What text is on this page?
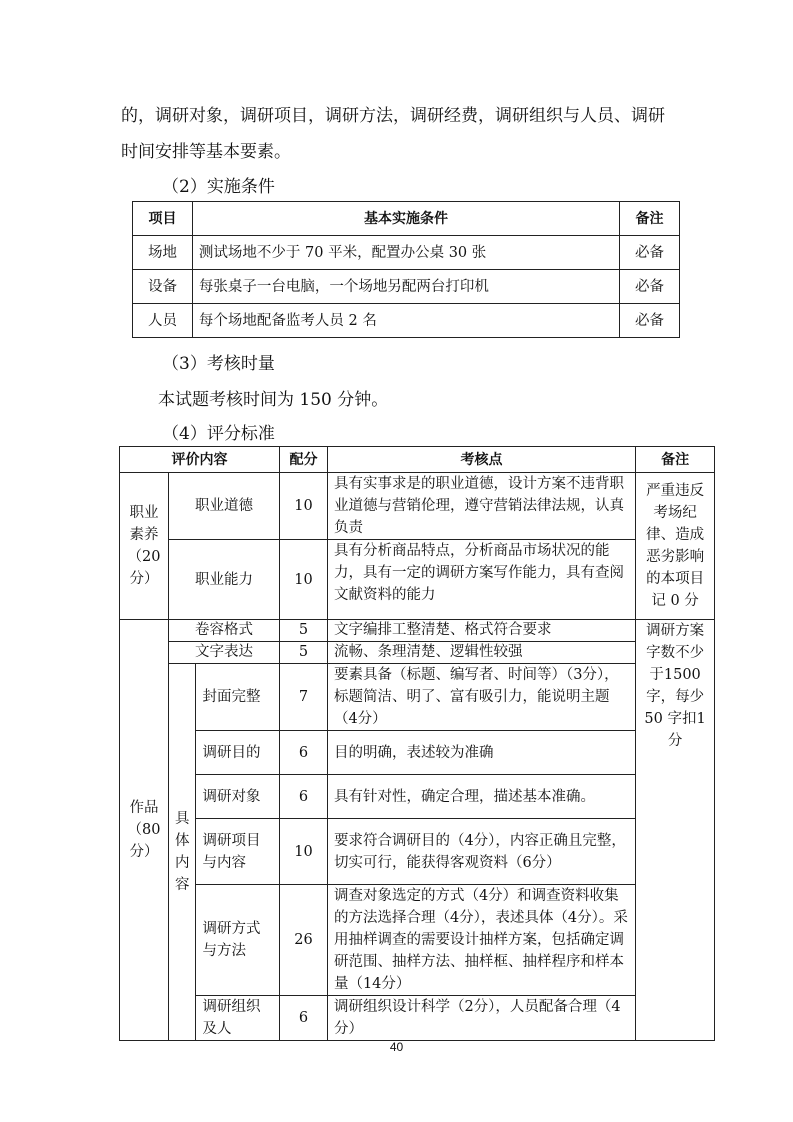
的，调研对象，调研项目，调研方法，调研经费，调研组织与人员、调研时间安排等基本要素。
（2）实施条件
项目	基本实施条件	备注
场地	测试场地不少于 70 平米，配置办公桌 30 张	必备
设备	每张桌子一台电脑，一个场地另配两台打印机	必备
人员	每个场地配备监考人员 2 名	必备
（3）考核时量
本试题考核时间为 150 分钟。
（4）评分标准
评价内容			配分	考核点	备注
职业素养（20分）	职业道德		10	具有实事求是的职业道德，设计方案不违背职业道德与营销伦理，遵守营销法律法规，认真负责	严重违反考场纪律、造成恶劣影响的本项目记 0 分
	职业能力		10	具有分析商品特点，分析商品市场状况的能力，具有一定的调研方案写作能力，具有查阅文献资料的能力	
作品（80分）	卷容格式		5	文字编排工整清楚、格式符合要求	调研方案字数不少于1500字，每少 50 字扣1分
	文字表达		5	流畅、条理清楚、逻辑性较强	
	具体内容	封面完整	7	要素具备（标题、编写者、时间等）（3分），标题简洁、明了、富有吸引力，能说明主题（4分）	
		调研目的	6	目的明确，表述较为准确	
		调研对象	6	具有针对性，确定合理，描述基本准确。	
		调研项目与内容	10	要求符合调研目的（4分），内容正确且完整，切实可行，能获得客观资料（6分）	
		调研方式与方法	26	调查对象选定的方式（4分）和调查资料收集的方法选择合理（4分），表述具体（4分）。采用抽样调查的需要设计抽样方案，包括确定调研范围、抽样方法、抽样框、抽样程序和样本量（14分）	
		调研组织及人	6	调研组织设计科学（2分），人员配备合理（4分）	
40
